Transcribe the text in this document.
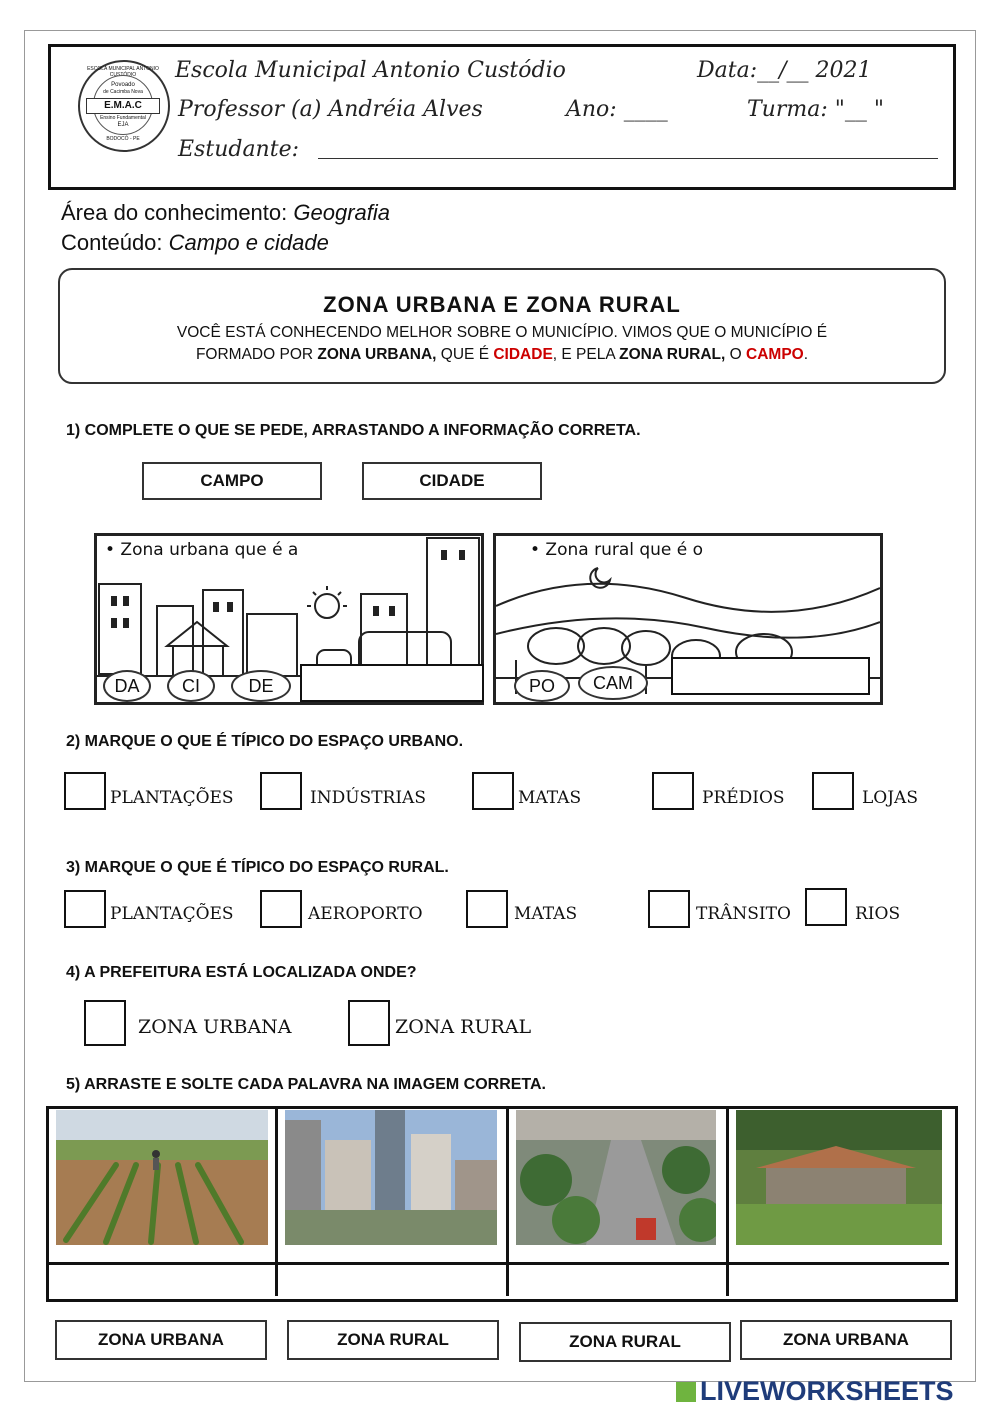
ESCOLA MUNICIPAL ANTONIO CUSTÓDIO
Povoado
de Cacimba Nova
E.M.A.C
Ensino Fundamental
EJA
BODOCÓ - PE
Escola Municipal Antonio Custódio	Data:__/__ 2021
Professor (a) Andréia Alves	Ano: ____	Turma: "__ "
Estudante:
Área do conhecimento: Geografia
Conteúdo: Campo e cidade
ZONA URBANA E ZONA RURAL
VOCÊ ESTÁ CONHECENDO MELHOR SOBRE O MUNICÍPIO. VIMOS QUE O MUNICÍPIO É
FORMADO POR ZONA URBANA, QUE É CIDADE, E PELA ZONA RURAL, O CAMPO.
1) COMPLETE O QUE SE PEDE, ARRASTANDO A INFORMAÇÃO CORRETA.
CAMPO	CIDADE
• Zona urbana que é a
DA	CI	DE
• Zona rural que é o
PO	CAM
2) MARQUE O QUE É TÍPICO DO ESPAÇO URBANO.
PLANTAÇÕES	INDÚSTRIAS	MATAS	PRÉDIOS	LOJAS
3) MARQUE O QUE É TÍPICO DO ESPAÇO RURAL.
PLANTAÇÕES	AEROPORTO	MATAS	TRÂNSITO	RIOS
4) A PREFEITURA ESTÁ LOCALIZADA ONDE?
ZONA URBANA	ZONA RURAL
5) ARRASTE E SOLTE CADA PALAVRA NA IMAGEM CORRETA.
ZONA URBANA	ZONA RURAL	ZONA RURAL	ZONA URBANA
LIVEWORKSHEETS
